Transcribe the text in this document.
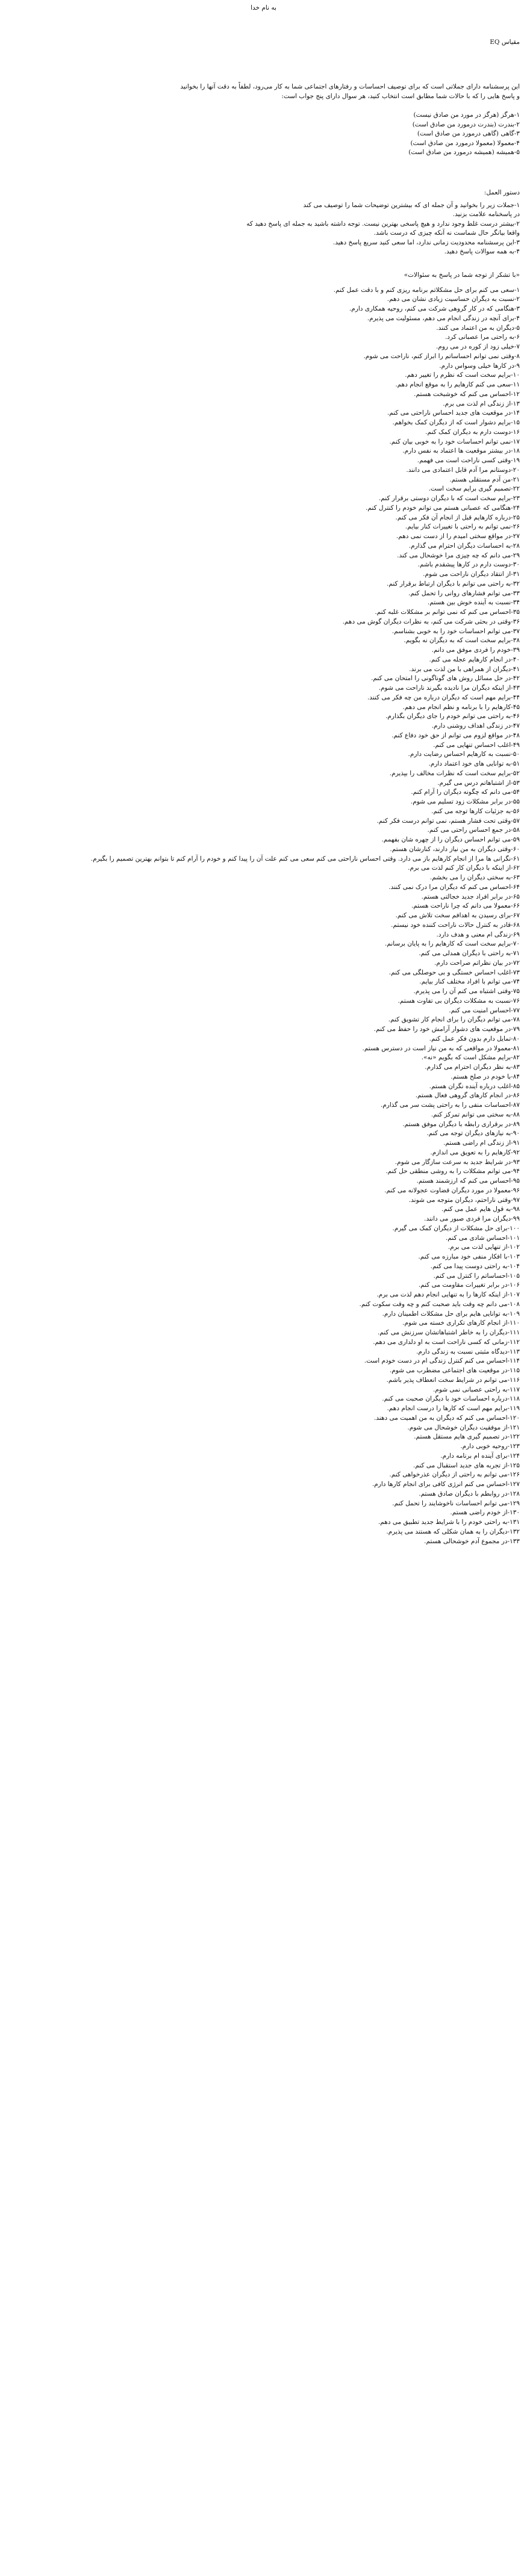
به نام خدا
مقیاس EQ

این پرسشنامه دارای جملاتی است که برای توصیف احساسات و رفتارهای اجتماعی شما به کار می‌رود، لطفاً به دقت آنها را بخوانید

و پاسخ هایی را که با حالات شما مطابق است انتخاب کنید، هر سوال دارای پنج جواب است:

۱-هرگز (هرگز در مورد من صادق نیست)

۲-بندرت (بندرت درمورد من صادق است)

۳-گاهی (گاهی درمورد من صادق است)

۴-معمولا (معمولا درمورد من صادق است)

۵-همیشه (همیشه درمورد من صادق است)

دستور العمل:

۱-جملات زیر را بخوانید و آن جمله ای که بیشترین توضیحات شما را توصیف می کند

در پاسخنامه علامت بزنید.

۲-بیشتر درست غلط وجود ندارد و هیچ پاسخی بهترین نیست. توجه داشته باشید به جمله ای پاسخ دهید که

واقعا بیانگر حال شماست نه آنکه چیزی که درست باشد.

۳-این پرسشنامه محدودیت زمانی ندارد، اما سعی کنید سریع پاسخ دهید.

۴-به همه سوالات پاسخ دهید.

«با تشکر از توجه شما در پاسخ به سئوالات»
۱-سعی می کنم برای حل مشکلاتم برنامه ریزی کنم و با دقت عمل کنم.
۲-نسبت به دیگران حساسیت زیادی نشان می دهم.
۳-هنگامی که در کار گروهی شرکت می کنم، روحیه همکاری دارم.
۴-برای آنچه در زندگی انجام می دهم، مسئولیت می پذیرم.
۵-دیگران به من اعتماد می کنند.
۶-به راحتی مرا عصبانی کرد.
۷-خیلی زود از کوره در می روم.
۸-وقتی نمی توانم احساساتم را ابراز کنم، ناراحت می شوم.
۹-در کارها خیلی وسواس دارم.
۱۰-برایم سخت است که نظرم را تغییر دهم.
۱۱-سعی می کنم کارهایم را به موقع انجام دهم.
۱۲-احساس می کنم که خوشبخت هستم.
۱۳-از زندگی ام لذت می برم.
۱۴-در موقعیت های جدید احساس ناراحتی می کنم.
۱۵-برایم دشوار است که از دیگران کمک بخواهم.
۱۶-دوست دارم به دیگران کمک کنم.
۱۷-نمی توانم احساسات خود را به خوبی بیان کنم.
۱۸-در بیشتر موقعیت ها اعتماد به نفس دارم.
۱۹-وقتی کسی ناراحت است می فهمم.
۲۰-دوستانم مرا آدم قابل اعتمادی می دانند.
۲۱-من آدم مستقلی هستم.
۲۲-تصمیم گیری برایم سخت است.
۲۳-برایم سخت است که با دیگران دوستی برقرار کنم.
۲۴-هنگامی که عصبانی هستم می توانم خودم را کنترل کنم.
۲۵-درباره کارهایم قبل از انجام آن فکر می کنم.
۲۶-نمی توانم به راحتی با تغییرات کنار بیایم.
۲۷-در مواقع سختی امیدم را از دست نمی دهم.
۲۸-به احساسات دیگران احترام می گذارم.
۲۹-می دانم که چه چیزی مرا خوشحال می کند.
۳۰-دوست دارم در کارها پیشقدم باشم.
۳۱-از انتقاد دیگران ناراحت می شوم.
۳۲-به راحتی می توانم با دیگران ارتباط برقرار کنم.
۳۳-می توانم فشارهای روانی را تحمل کنم.
۳۴-نسبت به آینده خوش بین هستم.
۳۵-احساس می کنم که نمی توانم بر مشکلات غلبه کنم.
۳۶-وقتی در بحثی شرکت می کنم، به نظرات دیگران گوش می دهم.
۳۷-می توانم احساسات خود را به خوبی بشناسم.
۳۸-برایم سخت است که به دیگران نه بگویم.
۳۹-خودم را فردی موفق می دانم.
۴۰-در انجام کارهایم عجله می کنم.
۴۱-دیگران از همراهی با من لذت می برند.
۴۲-در حل مسائل روش های گوناگونی را امتحان می کنم.
۴۳-از اینکه دیگران مرا نادیده بگیرند ناراحت می شوم.
۴۴-برایم مهم است که دیگران درباره من چه فکر می کنند.
۴۵-کارهایم را با برنامه و نظم انجام می دهم.
۴۶-به راحتی می توانم خودم را جای دیگران بگذارم.
۴۷-در زندگی اهداف روشنی دارم.
۴۸-در مواقع لزوم می توانم از حق خود دفاع کنم.
۴۹-اغلب احساس تنهایی می کنم.
۵۰-نسبت به کارهایم احساس رضایت دارم.
۵۱-به توانایی های خود اعتماد دارم.
۵۲-برایم سخت است که نظرات مخالف را بپذیرم.
۵۳-از اشتباهاتم درس می گیرم.
۵۴-می دانم که چگونه دیگران را آرام کنم.
۵۵-در برابر مشکلات زود تسلیم می شوم.
۵۶-به جزئیات کارها توجه می کنم.
۵۷-وقتی تحت فشار هستم، نمی توانم درست فکر کنم.
۵۸-در جمع احساس راحتی می کنم.
۵۹-می توانم احساس دیگران را از چهره شان بفهمم.
۶۰-وقتی دیگران به من نیاز دارند، کنارشان هستم.
۶۱-نگرانی ها مرا از انجام کارهایم باز می دارد. وقتی احساس ناراحتی می کنم سعی می کنم علت آن را پیدا کنم و خودم را آرام کنم تا بتوانم بهترین تصمیم را بگیرم.
۶۲-از اینکه با دیگران کار کنم لذت می برم.
۶۳-به سختی دیگران را می بخشم.
۶۴-احساس می کنم که دیگران مرا درک نمی کنند.
۶۵-در برابر افراد جدید خجالتی هستم.
۶۶-معمولا می دانم که چرا ناراحت هستم.
۶۷-برای رسیدن به اهدافم سخت تلاش می کنم.
۶۸-قادر به کنترل حالات ناراحت کننده خود نیستم.
۶۹-زندگی ام معنی و هدف دارد.
۷۰-برایم سخت است که کارهایم را به پایان برسانم.
۷۱-به راحتی با دیگران همدلی می کنم.
۷۲-در بیان نظراتم صراحت دارم.
۷۳-اغلب احساس خستگی و بی حوصلگی می کنم.
۷۴-می توانم با افراد مختلف کنار بیایم.
۷۵-وقتی اشتباه می کنم آن را می پذیرم.
۷۶-نسبت به مشکلات دیگران بی تفاوت هستم.
۷۷-احساس امنیت می کنم.
۷۸-می توانم دیگران را برای انجام کار تشویق کنم.
۷۹-در موقعیت های دشوار آرامش خود را حفظ می کنم.
۸۰-تمایل دارم بدون فکر عمل کنم.
۸۱-معمولا در مواقعی که به من نیاز است در دسترس هستم.
۸۲-برایم مشکل است که بگویم «نه».
۸۳-به نظر دیگران احترام می گذارم.
۸۴-با خودم در صلح هستم.
۸۵-اغلب درباره آینده نگران هستم.
۸۶-در انجام کارهای گروهی فعال هستم.
۸۷-احساسات منفی را به راحتی پشت سر می گذارم.
۸۸-به سختی می توانم تمرکز کنم.
۸۹-در برقراری رابطه با دیگران موفق هستم.
۹۰-به نیازهای دیگران توجه می کنم.
۹۱-از زندگی ام راضی هستم.
۹۲-کارهایم را به تعویق می اندازم.
۹۳-در شرایط جدید به سرعت سازگار می شوم.
۹۴-می توانم مشکلات را به روشی منطقی حل کنم.
۹۵-احساس می کنم که ارزشمند هستم.
۹۶-معمولا در مورد دیگران قضاوت عجولانه می کنم.
۹۷-وقتی ناراحتم، دیگران متوجه می شوند.
۹۸-به قول هایم عمل می کنم.
۹۹-دیگران مرا فردی صبور می دانند.
۱۰۰-برای حل مشکلات از دیگران کمک می گیرم.
۱۰۱-احساس شادی می کنم.
۱۰۲-از تنهایی لذت می برم.
۱۰۳-با افکار منفی خود مبارزه می کنم.
۱۰۴-به راحتی دوست پیدا می کنم.
۱۰۵-احساساتم را کنترل می کنم.
۱۰۶-در برابر تغییرات مقاومت می کنم.
۱۰۷-از اینکه کارها را به تنهایی انجام دهم لذت می برم.
۱۰۸-می دانم چه وقت باید صحبت کنم و چه وقت سکوت کنم.
۱۰۹-به توانایی هایم برای حل مشکلات اطمینان دارم.
۱۱۰-از انجام کارهای تکراری خسته می شوم.
۱۱۱-دیگران را به خاطر اشتباهاتشان سرزنش می کنم.
۱۱۲-زمانی که کسی ناراحت است به او دلداری می دهم.
۱۱۳-دیدگاه مثبتی نسبت به زندگی دارم.
۱۱۴-احساس می کنم کنترل زندگی ام در دست خودم است.
۱۱۵-در موقعیت های اجتماعی مضطرب می شوم.
۱۱۶-می توانم در شرایط سخت انعطاف پذیر باشم.
۱۱۷-به راحتی عصبانی نمی شوم.
۱۱۸-درباره احساسات خود با دیگران صحبت می کنم.
۱۱۹-برایم مهم است که کارها را درست انجام دهم.
۱۲۰-احساس می کنم که دیگران به من اهمیت می دهند.
۱۲۱-از موفقیت دیگران خوشحال می شوم.
۱۲۲-در تصمیم گیری هایم مستقل هستم.
۱۲۳-روحیه خوبی دارم.
۱۲۴-برای آینده ام برنامه دارم.
۱۲۵-از تجربه های جدید استقبال می کنم.
۱۲۶-می توانم به راحتی از دیگران عذرخواهی کنم.
۱۲۷-احساس می کنم انرژی کافی برای انجام کارها دارم.
۱۲۸-در روابطم با دیگران صادق هستم.
۱۲۹-می توانم احساسات ناخوشایند را تحمل کنم.
۱۳۰-از خودم راضی هستم.
۱۳۱-به راحتی خودم را با شرایط جدید تطبیق می دهم.
۱۳۲-دیگران را به همان شکلی که هستند می پذیرم.
۱۳۳-در مجموع آدم خوشحالی هستم.
